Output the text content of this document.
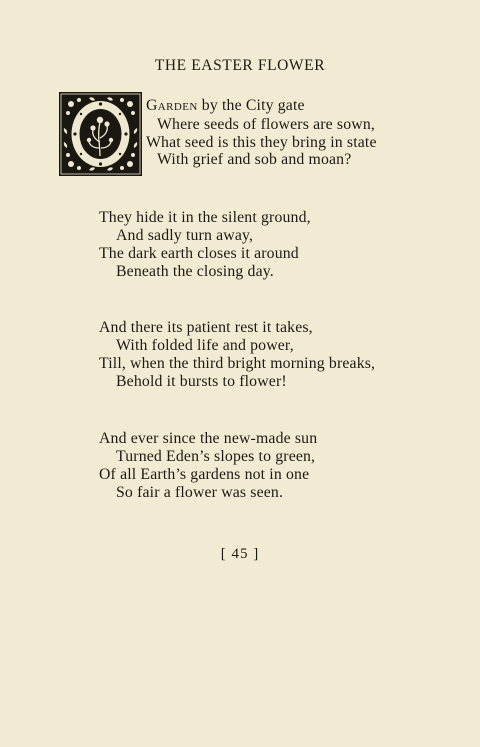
THE EASTER FLOWER
Garden by the City gate
Where seeds of flowers are sown,
What seed is this they bring in state
With grief and sob and moan?
They hide it in the silent ground,
And sadly turn away,
The dark earth closes it around
Beneath the closing day.
And there its patient rest it takes,
With folded life and power,
Till, when the third bright morning breaks,
Behold it bursts to flower!
And ever since the new-made sun
Turned Eden’s slopes to green,
Of all Earth’s gardens not in one
So fair a flower was seen.
[ 45 ]
